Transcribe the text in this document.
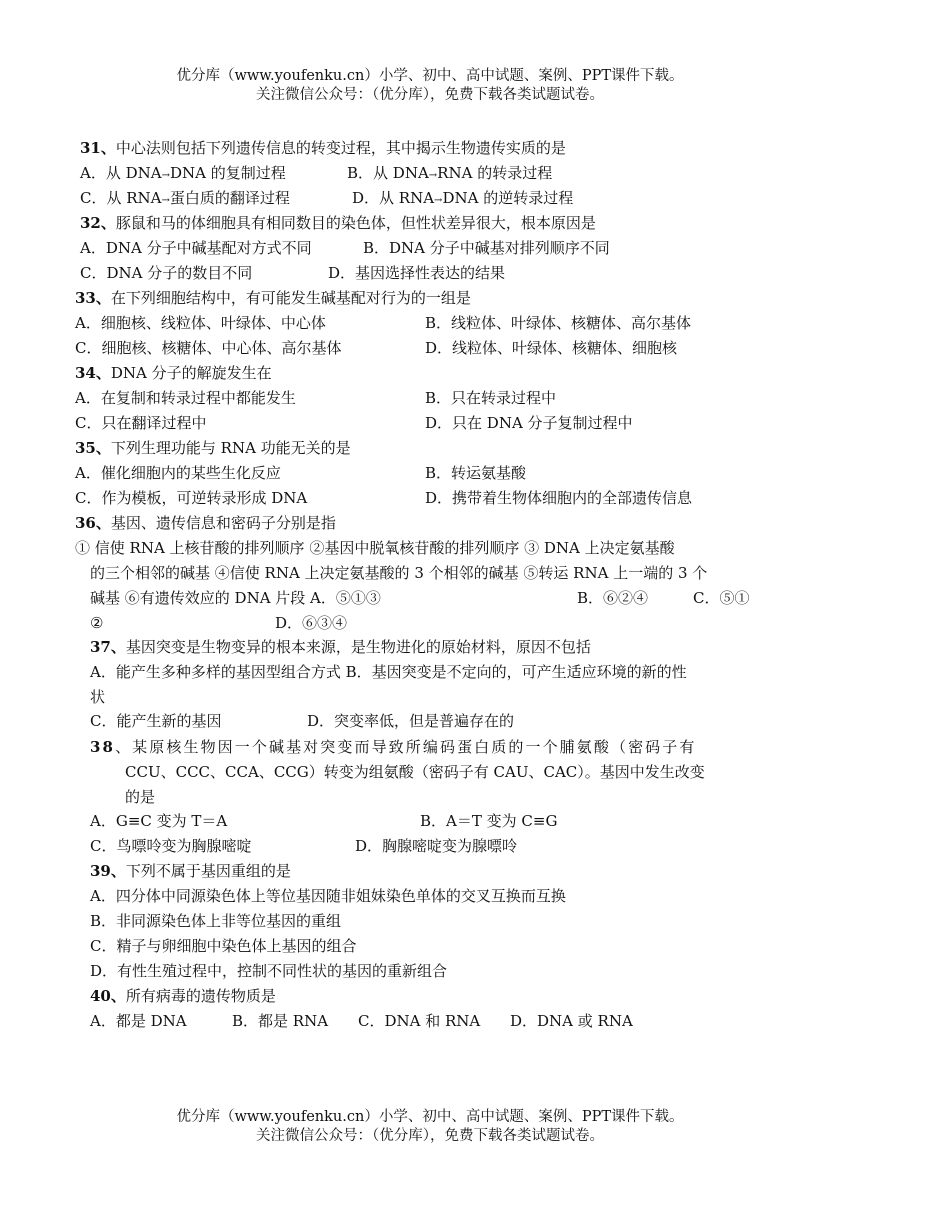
优分库（www.youfenku.cn）小学、初中、高中试题、案例、PPT课件下载。
关注微信公众号：（优分库），免费下载各类试题试卷。
31、中心法则包括下列遗传信息的转变过程，其中揭示生物遗传实质的是
A．从 DNA→DNA 的复制过程	B．从 DNA→RNA 的转录过程
C．从 RNA→蛋白质的翻译过程	D．从 RNA→DNA 的逆转录过程
32、豚鼠和马的体细胞具有相同数目的染色体，但性状差异很大，根本原因是
A．DNA 分子中碱基配对方式不同	B．DNA 分子中碱基对排列顺序不同
C．DNA 分子的数目不同	D．基因选择性表达的结果
33、在下列细胞结构中，有可能发生碱基配对行为的一组是
A．细胞核、线粒体、叶绿体、中心体	B．线粒体、叶绿体、核糖体、高尔基体
C．细胞核、核糖体、中心体、高尔基体	D．线粒体、叶绿体、核糖体、细胞核
34、DNA 分子的解旋发生在
A．在复制和转录过程中都能发生	B．只在转录过程中
C．只在翻译过程中	D．只在 DNA 分子复制过程中
35、下列生理功能与 RNA 功能无关的是
A．催化细胞内的某些生化反应	B．转运氨基酸
C．作为模板，可逆转录形成 DNA	D．携带着生物体细胞内的全部遗传信息
36、基因、遗传信息和密码子分别是指
① 信使 RNA 上核苷酸的排列顺序 ②基因中脱氧核苷酸的排列顺序 ③ DNA 上决定氨基酸
的三个相邻的碱基 ④信使 RNA 上决定氨基酸的 3 个相邻的碱基 ⑤转运 RNA 上一端的 3 个
碱基 ⑥有遗传效应的 DNA 片段 A．⑤①③	B．⑥②④	C．⑤①
②	D．⑥③④
37、基因突变是生物变异的根本来源，是生物进化的原始材料，原因不包括
A．能产生多种多样的基因型组合方式 B．基因突变是不定向的，可产生适应环境的新的性
状
C．能产生新的基因	D．突变率低，但是普遍存在的
38、某原核生物因一个碱基对突变而导致所编码蛋白质的一个脯氨酸（密码子有
CCU、CCC、CCA、CCG）转变为组氨酸（密码子有 CAU、CAC）。基因中发生改变
的是
A．G≡C 变为 T＝A	B．A＝T 变为 C≡G
C．鸟嘌呤变为胸腺嘧啶	D．胸腺嘧啶变为腺嘌呤
39、下列不属于基因重组的是
A．四分体中同源染色体上等位基因随非姐妹染色单体的交叉互换而互换
B．非同源染色体上非等位基因的重组
C．精子与卵细胞中染色体上基因的组合
D．有性生殖过程中，控制不同性状的基因的重新组合
40、所有病毒的遗传物质是
A．都是 DNA	B．都是 RNA C．DNA 和 RNA D．DNA 或 RNA
优分库（www.youfenku.cn）小学、初中、高中试题、案例、PPT课件下载。
关注微信公众号：（优分库），免费下载各类试题试卷。
